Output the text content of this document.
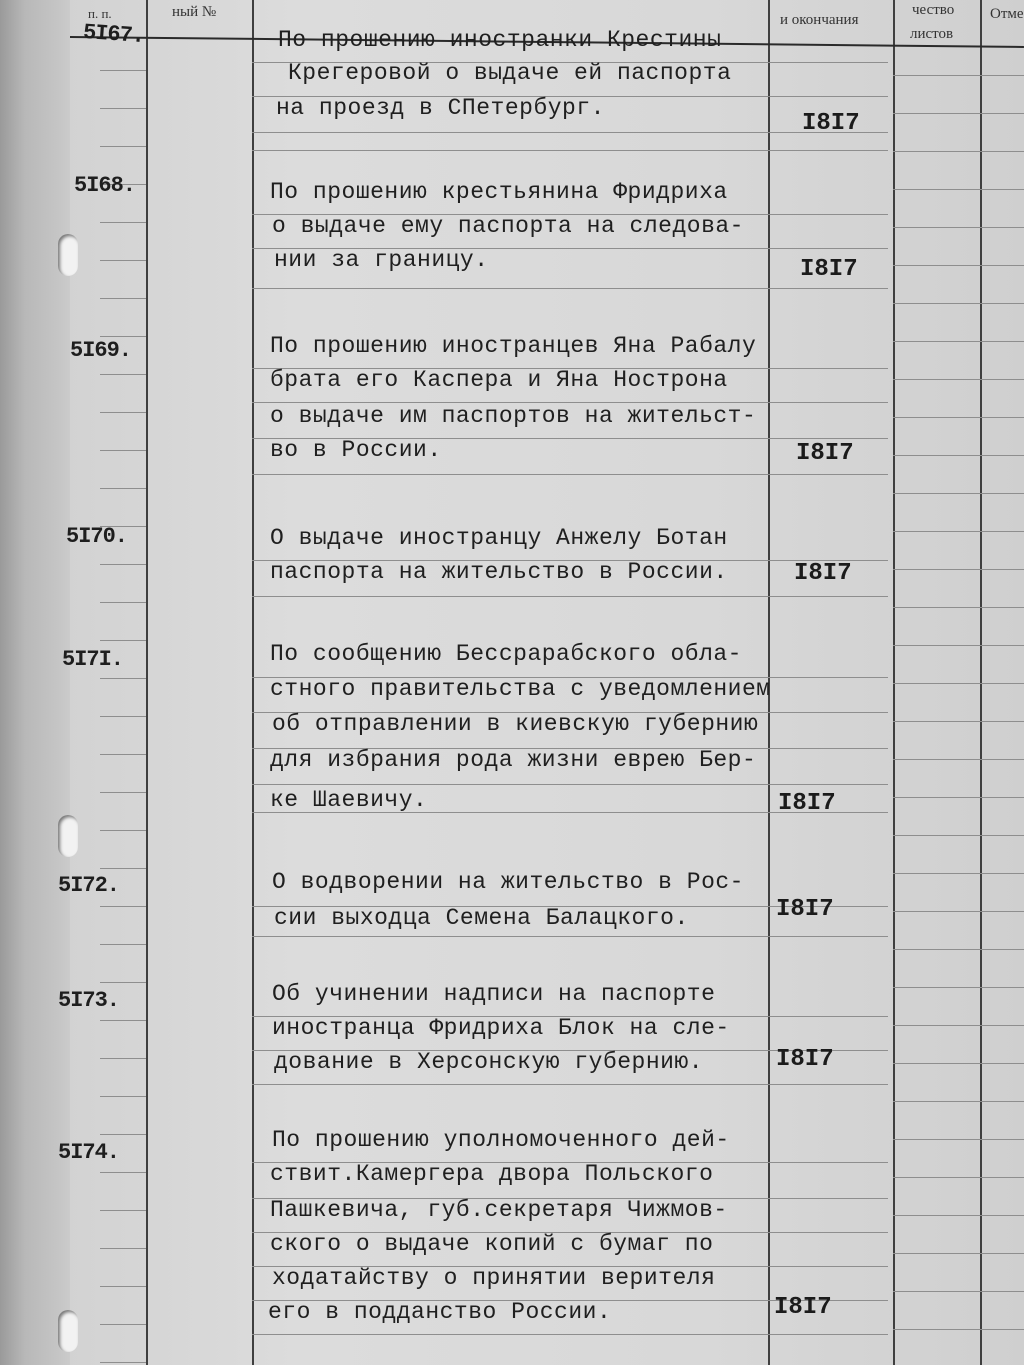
п. п.	ный №	и окончания
чество
листов
Отме
5I67.	По прошению иностранки Крестины
Крегеровой о выдаче ей паспорта
на проезд в СПетербург.
I8I7
5I68.	По прошению крестьянина Фридриха
о выдаче ему паспорта на следова-
нии за границу.	I8I7
5I69.	По прошению иностранцев Яна Рабалу
брата его Каспера и Яна Нострона
о выдаче им паспортов на жительст-
во в России.	I8I7
5I70.	О выдаче иностранцу Анжелу Ботан
паспорта на жительство в России.	I8I7
5I7I.	По сообщению Бессрарабского обла-
стного правительства с уведомлением
об отправлении в киевскую губернию
для избрания рода жизни еврею Бер-
ке Шаевичу.	I8I7
5I72.	О водворении на жительство в Рос-
сии выходца Семена Балацкого.	I8I7
5I73.	Об учинении надписи на паспорте
иностранца Фридриха Блок на сле-
дование в Херсонскую губернию.	I8I7
5I74.	По прошению уполномоченного дей-
ствит.Камергера двора Польского
Пашкевича, губ.секретаря Чижмов-
ского о выдаче копий с бумаг по
ходатайству о принятии верителя
его в подданство России.	I8I7
